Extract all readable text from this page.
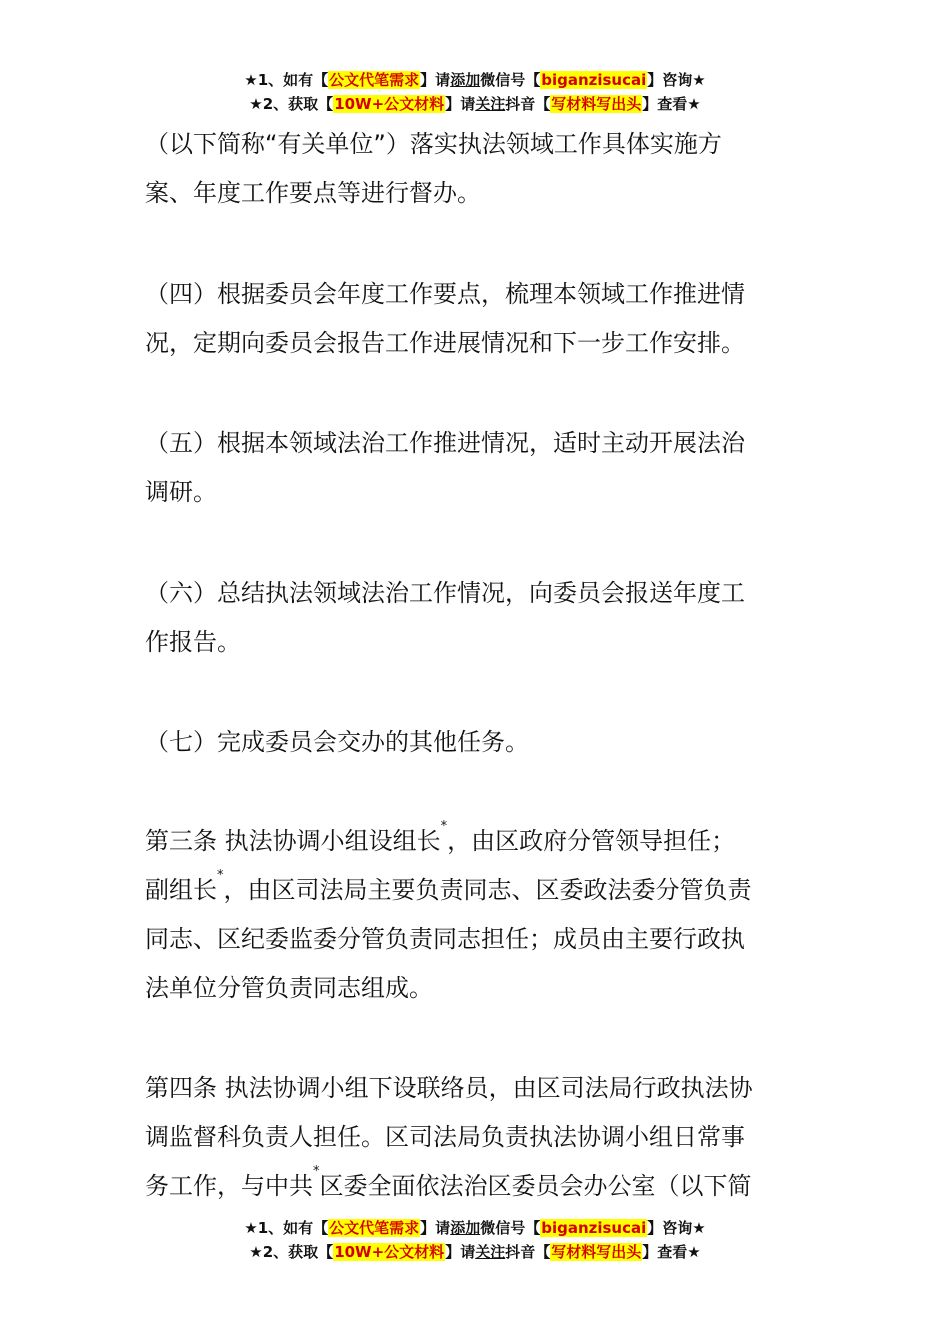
★1、如有【公文代笔需求】请添加微信号【biganzisucai】咨询★
★2、获取【10W+公文材料】请关注抖音【写材料写出头】查看★

（以下简称“有关单位”）落实执法领域工作具体实施方
案、年度工作要点等进行督办。

（四）根据委员会年度工作要点，梳理本领域工作推进情
况，定期向委员会报告工作进展情况和下一步工作安排。

（五）根据本领域法治工作推进情况，适时主动开展法治
调研。

（六）总结执法领域法治工作情况，向委员会报送年度工
作报告。

（七）完成委员会交办的其他任务。

第三条 执法协调小组设组长*，由区政府分管领导担任；
副组长*，由区司法局主要负责同志、区委政法委分管负责
同志、区纪委监委分管负责同志担任；成员由主要行政执
法单位分管负责同志组成。

第四条 执法协调小组下设联络员，由区司法局行政执法协
调监督科负责人担任。区司法局负责执法协调小组日常事
务工作，与中共*区委全面依法治区委员会办公室（以下简

★1、如有【公文代笔需求】请添加微信号【biganzisucai】咨询★
★2、获取【10W+公文材料】请关注抖音【写材料写出头】查看★
